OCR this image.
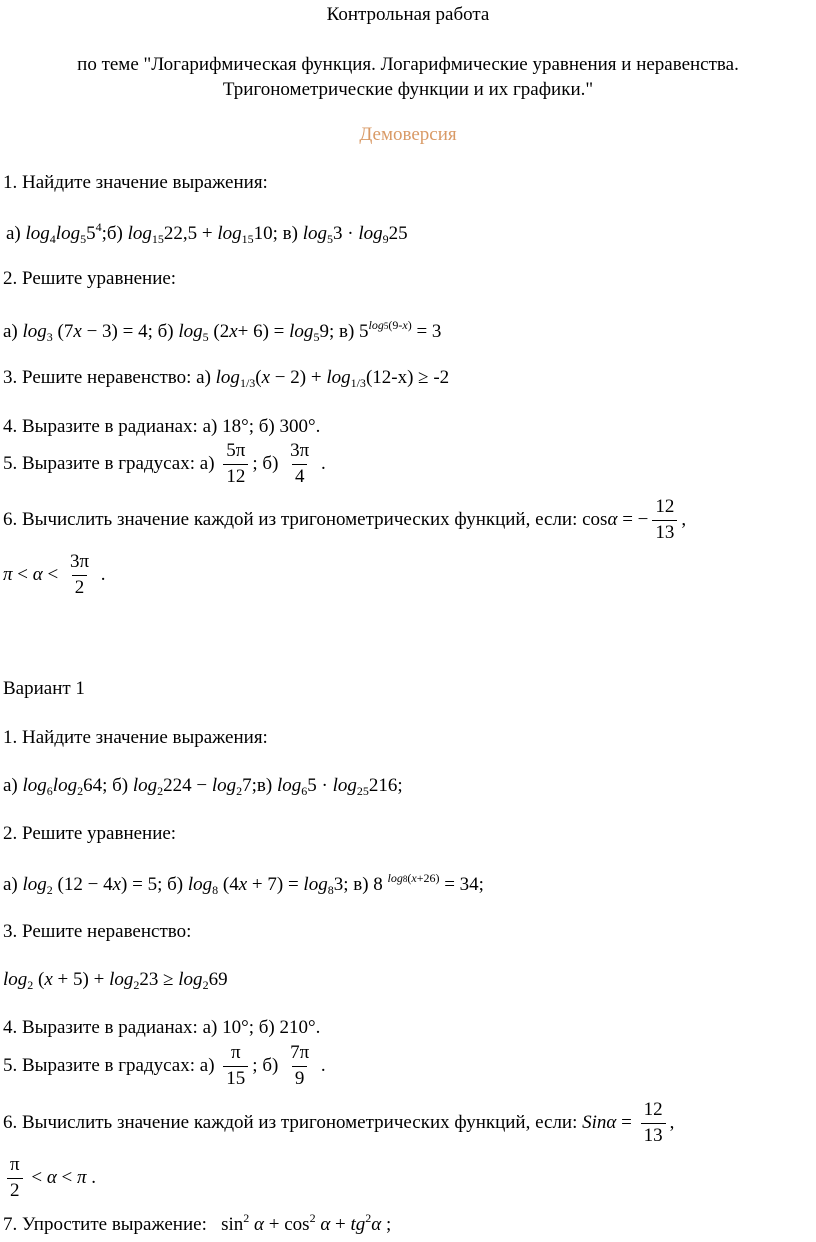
Контрольная работа
по теме "Логарифмическая функция. Логарифмические уравнения и неравенства.
Тригонометрические функции и их графики."
Демоверсия
1. Найдите значение выражения:
а) $\log_4\log_55^4;б$) $\log_{15}22,5 + \log_{15}10$; в) $\log_53 \cdot \log_925$
2. Решите уравнение:
а) $\log_3 (7x - 3) = 4$; б) $\log_5 (2x+ 6) = \log_59$; в) $5^{log5(9-x)} = 3$
3. Решите неравенство: а) $\log_{1/3}(x - 2) + \log_{1/3}(12-х) \ge -2$
4. Выразите в радианах: а) 18°; б) 300°.
5. Выразите в градусах: $а) \frac{5\pi}{12}$ ; $б) \frac{3\pi}{4}$ .
6. Вычислить значение каждой из тригонометрических функций, если: cosα = − $\frac{12}{13}$ ,
$\pi < \alpha < \frac{3\pi}{2}$ .
Вариант 1
1. Найдите значение выражения:
а) $\log_6\log_264$; б) $\log_2224$ − $\log_27;в$) $\log_65 \cdot \log_{25}216$;
2. Решите уравнение:
а) $\log_2 (12 - 4x) = 5$; б) $\log_8 (4x + 7) = \log_83$; в) 8 $^{log8(x+26)}$ = 34;
3. Решите неравенство:
$\log_2 (x + 5) + \log_223 \ge \log_269$
4. Выразите в радианах: а) 10°; б) 210°.
5. Выразите в градусах: $а) \frac{\pi}{15}$ ; $б) \frac{7\pi}{9}$ .
6. Вычислить значение каждой из тригонометрических функций, если: $Sin\alpha = \frac{12}{13}$ ,
$\frac{\pi}{2} < \alpha < \pi$ .
7. Упростите выражение:   $\sin^2 \alpha + \cos^2 \alpha + tg^2\alpha$ ;
